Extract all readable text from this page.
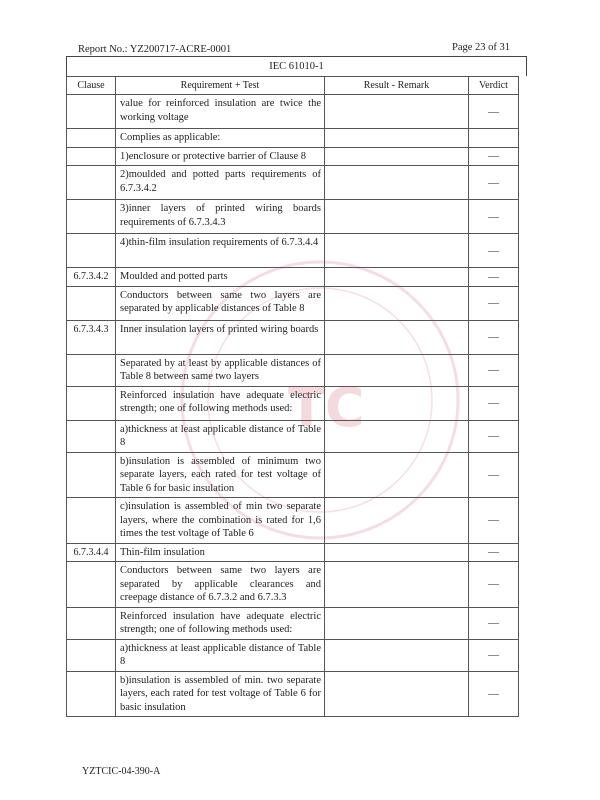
Report No.: YZ200717-ACRE-0001	Page 23 of 31
IEC 61010-1
Clause	Requirement + Test	Result - Remark	Verdict
	value for reinforced insulation are twice the working voltage		—
	Complies as applicable:		
	1)enclosure or protective barrier of Clause 8		—
	2)moulded and potted parts requirements of 6.7.3.4.2		—
	3)inner layers of printed wiring boards requirements of 6.7.3.4.3		—
	4)thin-film insulation requirements of 6.7.3.4.4		—
6.7.3.4.2	Moulded and potted parts		—
	Conductors between same two layers are separated by applicable distances of Table 8		—
6.7.3.4.3	Inner insulation layers of printed wiring boards		—
	Separated by at least by applicable distances of Table 8 between same two layers		—
	Reinforced insulation have adequate electric strength; one of following methods used:		—
	a)thickness at least applicable distance of Table 8		—
	b)insulation is assembled of minimum two separate layers, each rated for test voltage of Table 6 for basic insulation		—
	c)insulation is assembled of min two separate layers, where the combination is rated for 1,6 times the test voltage of Table 6		—
6.7.3.4.4	Thin-film insulation		—
	Conductors between same two layers are separated by applicable clearances and creepage distance of 6.7.3.2 and 6.7.3.3		—
	Reinforced insulation have adequate electric strength; one of following methods used:		—
	a)thickness at least applicable distance of Table 8		—
	b)insulation is assembled of min. two separate layers, each rated for test voltage of Table 6 for basic insulation		—
TC
YZTCIC-04-390-A
